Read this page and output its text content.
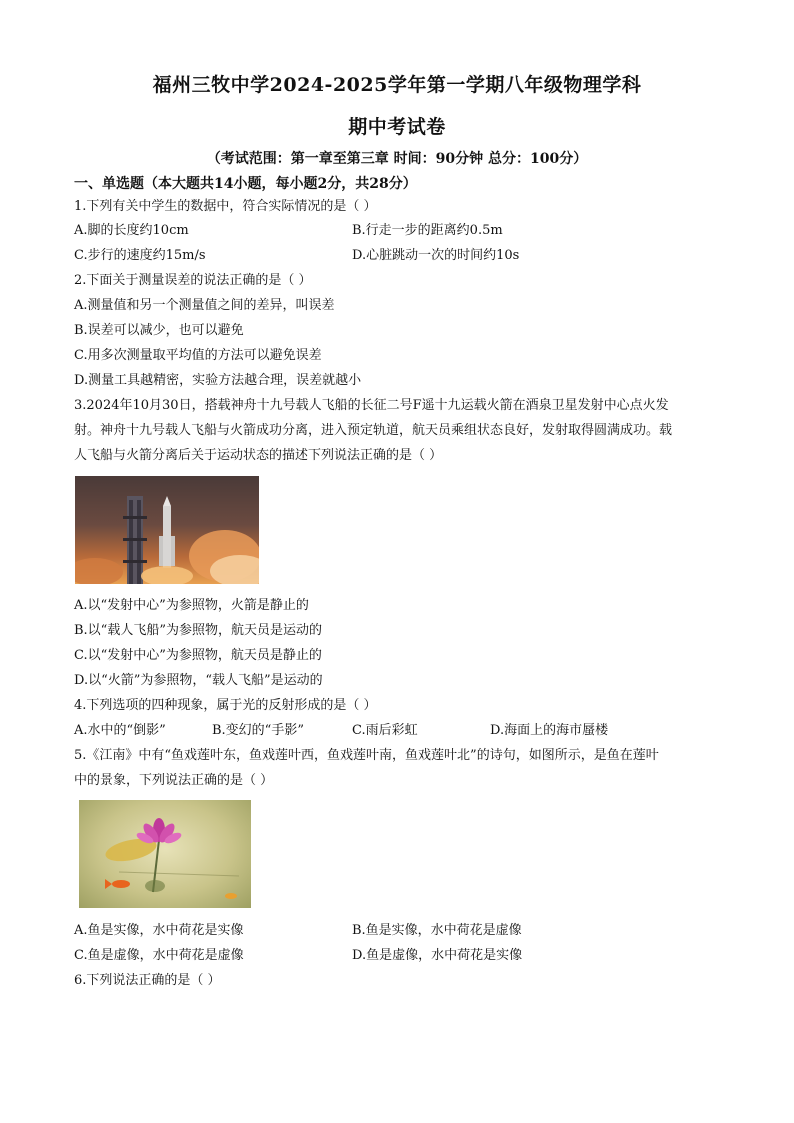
福州三牧中学2024-2025学年第一学期八年级物理学科
期中考试卷
（考试范围：第一章至第三章 时间：90分钟 总分：100分）
一、单选题（本大题共14小题，每小题2分，共28分）
1.下列有关中学生的数据中，符合实际情况的是（ ）
A.脚的长度约10cm	B.行走一步的距离约0.5m
C.步行的速度约15m/s	D.心脏跳动一次的时间约10s
2.下面关于测量误差的说法正确的是（ ）
A.测量值和另一个测量值之间的差异，叫误差
B.误差可以减少，也可以避免
C.用多次测量取平均值的方法可以避免误差
D.测量工具越精密，实验方法越合理，误差就越小
3.2024年10月30日，搭载神舟十九号载人飞船的长征二号F遥十九运载火箭在酒泉卫星发射中心点火发
射。神舟十九号载人飞船与火箭成功分离，进入预定轨道，航天员乘组状态良好，发射取得圆满成功。载
人飞船与火箭分离后关于运动状态的描述下列说法正确的是（ ）
A.以“发射中心”为参照物，火箭是静止的
B.以“载人飞船”为参照物，航天员是运动的
C.以“发射中心”为参照物，航天员是静止的
D.以“火箭”为参照物，“载人飞船”是运动的
4.下列选项的四种现象，属于光的反射形成的是（ ）
A.水中的“倒影”	B.变幻的“手影”	C.雨后彩虹	D.海面上的海市蜃楼
5.《江南》中有“鱼戏莲叶东，鱼戏莲叶西，鱼戏莲叶南，鱼戏莲叶北”的诗句，如图所示，是鱼在莲叶
中的景象，下列说法正确的是（ ）
A.鱼是实像，水中荷花是实像	B.鱼是实像，水中荷花是虚像
C.鱼是虚像，水中荷花是虚像	D.鱼是虚像，水中荷花是实像
6.下列说法正确的是（ ）
